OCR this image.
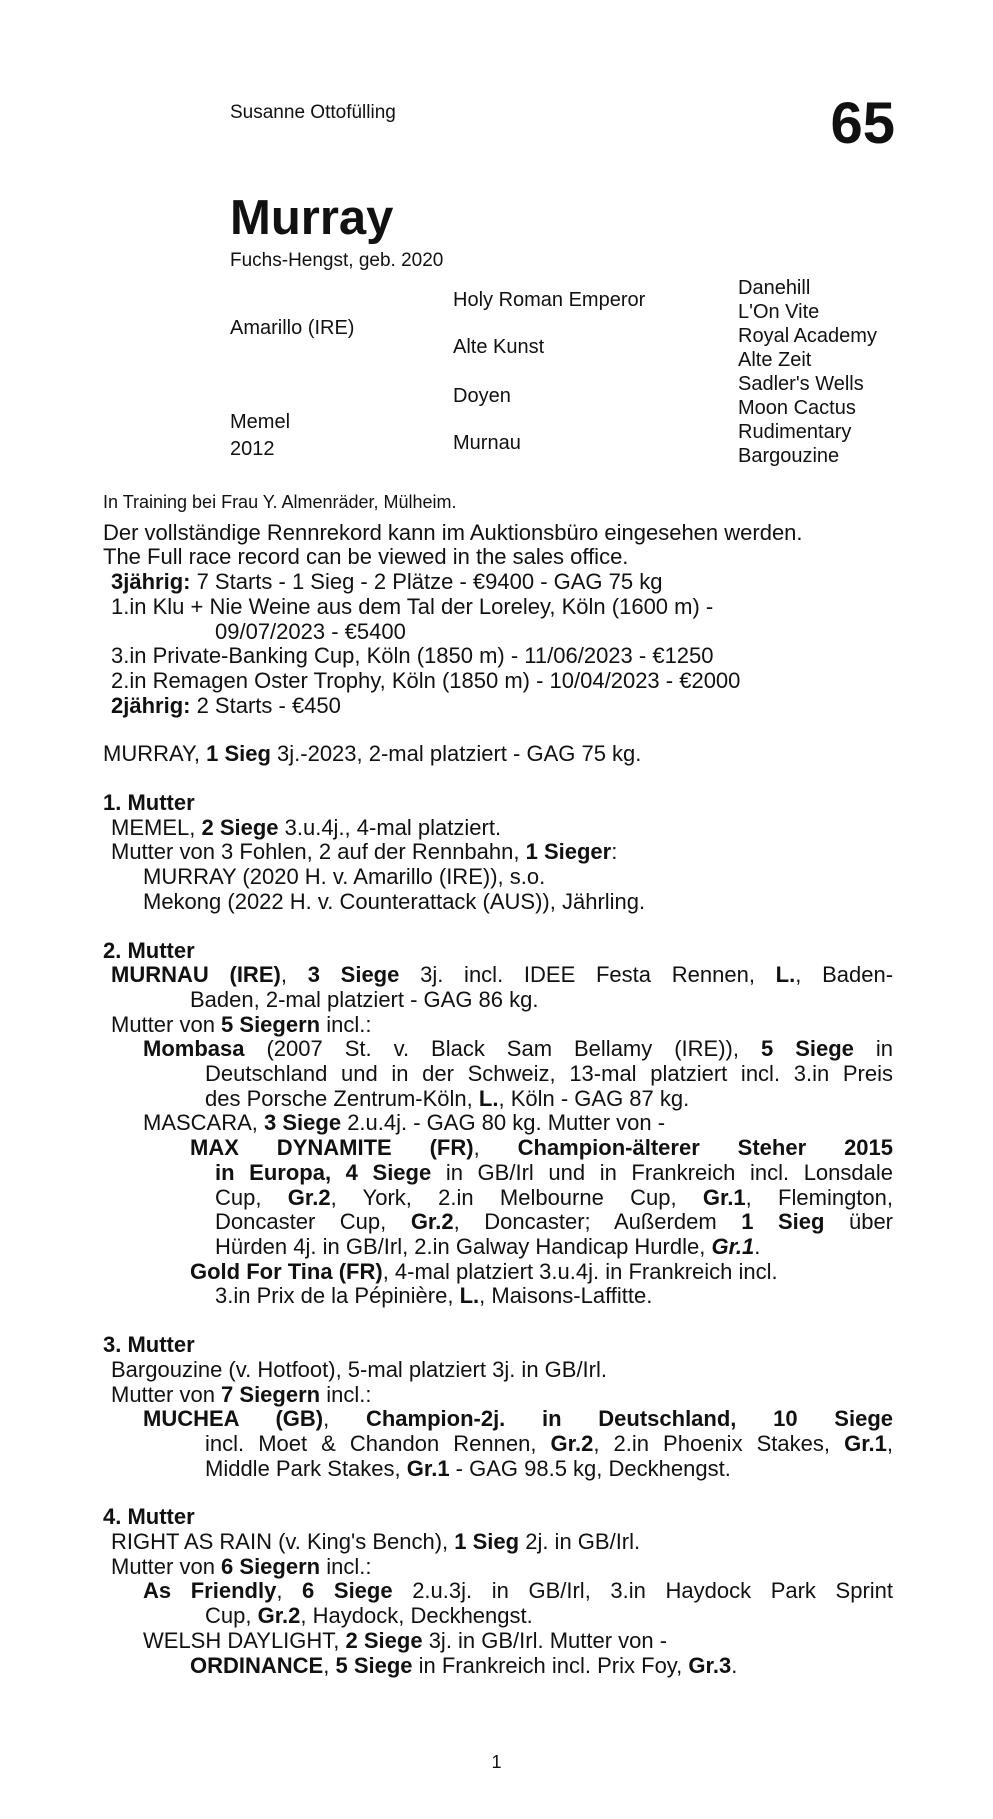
Susanne Ottofülling	65
Murray
Fuchs-Hengst, geb. 2020
Amarillo (IRE)
Memel
2012
Holy Roman Emperor
Alte Kunst
Doyen
Murnau
Danehill
L'On Vite
Royal Academy
Alte Zeit
Sadler's Wells
Moon Cactus
Rudimentary
Bargouzine

In Training bei Frau Y. Almenräder, Mülheim.

Der vollständige Rennrekord kann im Auktionsbüro eingesehen werden.

The Full race record can be viewed in the sales office.

3jährig: 7 Starts - 1 Sieg - 2 Plätze - €9400 - GAG 75 kg

1.in Klu + Nie Weine aus dem Tal der Loreley, Köln (1600 m) -

09/07/2023 - €5400

3.in Private-Banking Cup, Köln (1850 m) - 11/06/2023 - €1250

2.in Remagen Oster Trophy, Köln (1850 m) - 10/04/2023 - €2000

2jährig: 2 Starts - €450

MURRAY, 1 Sieg 3j.-2023, 2-mal platziert - GAG 75 kg.

1. Mutter

MEMEL, 2 Siege 3.u.4j., 4-mal platziert.

Mutter von 3 Fohlen, 2 auf der Rennbahn, 1 Sieger:

MURRAY (2020 H. v. Amarillo (IRE)), s.o.

Mekong (2022 H. v. Counterattack (AUS)), Jährling.

2. Mutter

MURNAU (IRE), 3 Siege 3j. incl. IDEE Festa Rennen, L., Baden-

Baden, 2-mal platziert - GAG 86 kg.

Mutter von 5 Siegern incl.:

Mombasa (2007 St. v. Black Sam Bellamy (IRE)), 5 Siege in

Deutschland und in der Schweiz, 13-mal platziert incl. 3.in Preis

des Porsche Zentrum-Köln, L., Köln - GAG 87 kg.

MASCARA, 3 Siege 2.u.4j. - GAG 80 kg. Mutter von -

MAX DYNAMITE (FR), Champion-älterer Steher 2015

in Europa, 4 Siege in GB/Irl und in Frankreich incl. Lonsdale

Cup, Gr.2, York, 2.in Melbourne Cup, Gr.1, Flemington,

Doncaster Cup, Gr.2, Doncaster; Außerdem 1 Sieg über

Hürden 4j. in GB/Irl, 2.in Galway Handicap Hurdle, Gr.1.

Gold For Tina (FR), 4-mal platziert 3.u.4j. in Frankreich incl.

3.in Prix de la Pépinière, L., Maisons-Laffitte.

3. Mutter

Bargouzine (v. Hotfoot), 5-mal platziert 3j. in GB/Irl.

Mutter von 7 Siegern incl.:

MUCHEA (GB), Champion-2j. in Deutschland, 10 Siege

incl. Moet & Chandon Rennen, Gr.2, 2.in Phoenix Stakes, Gr.1,

Middle Park Stakes, Gr.1 - GAG 98.5 kg, Deckhengst.

4. Mutter

RIGHT AS RAIN (v. King's Bench), 1 Sieg 2j. in GB/Irl.

Mutter von 6 Siegern incl.:

As Friendly, 6 Siege 2.u.3j. in GB/Irl, 3.in Haydock Park Sprint

Cup, Gr.2, Haydock, Deckhengst.

WELSH DAYLIGHT, 2 Siege 3j. in GB/Irl. Mutter von -

ORDINANCE, 5 Siege in Frankreich incl. Prix Foy, Gr.3.

1
